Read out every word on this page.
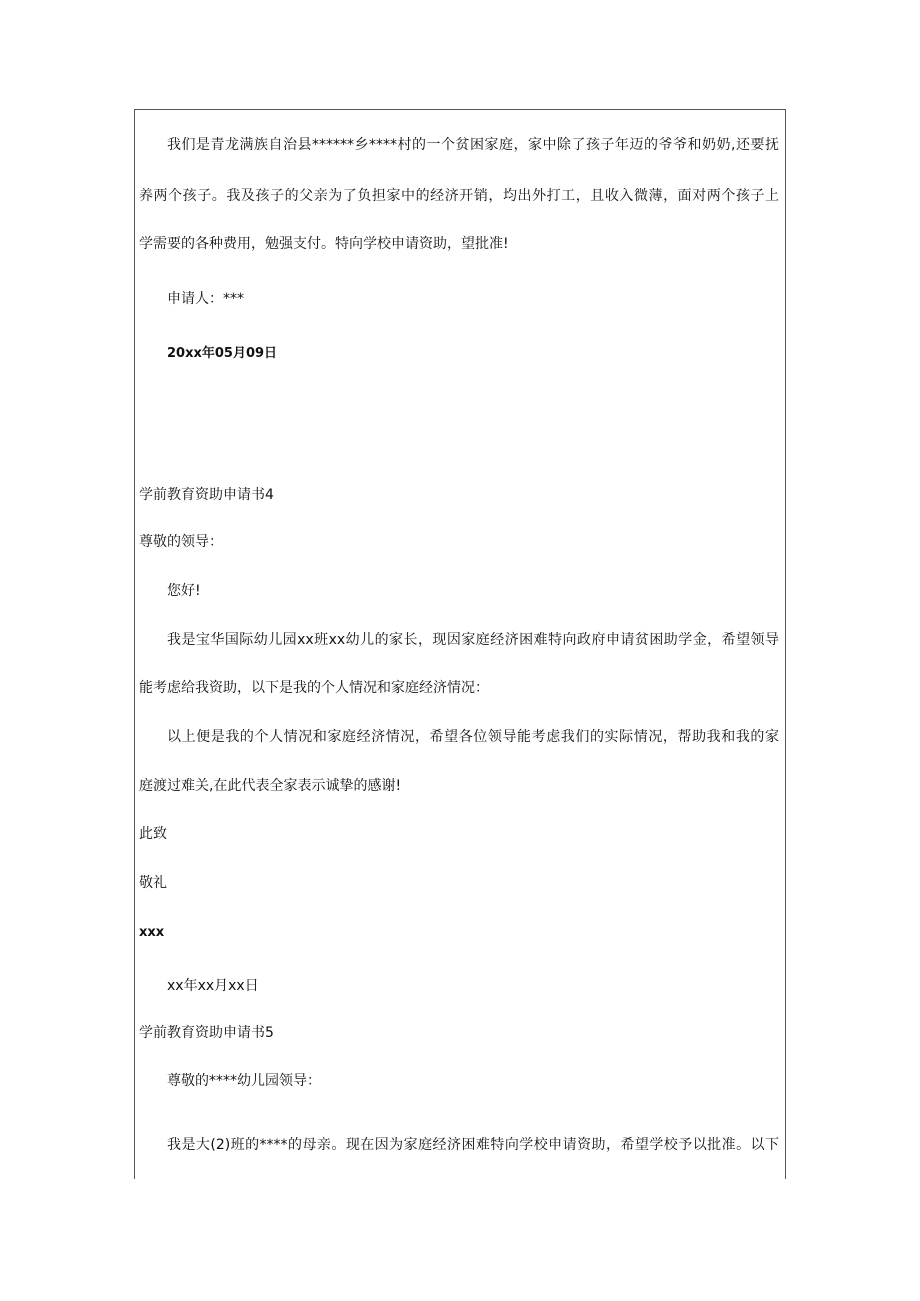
我们是青龙满族自治县******乡****村的一个贫困家庭，家中除了孩子年迈的爷爷和奶奶,还要抚

养两个孩子。我及孩子的父亲为了负担家中的经济开销，均出外打工，且收入微薄，面对两个孩子上

学需要的各种费用，勉强支付。特向学校申请资助，望批准!

申请人：***

20xx年05月09日

学前教育资助申请书4

尊敬的领导：

您好!

我是宝华国际幼儿园xx班xx幼儿的家长，现因家庭经济困难特向政府申请贫困助学金，希望领导

能考虑给我资助，以下是我的个人情况和家庭经济情况：

以上便是我的个人情况和家庭经济情况，希望各位领导能考虑我们的实际情况，帮助我和我的家

庭渡过难关,在此代表全家表示诚挚的感谢!

此致

敬礼

xxx

xx年xx月xx日

学前教育资助申请书5

尊敬的****幼儿园领导：

我是大(2)班的****的母亲。现在因为家庭经济困难特向学校申请资助，希望学校予以批准。以下
